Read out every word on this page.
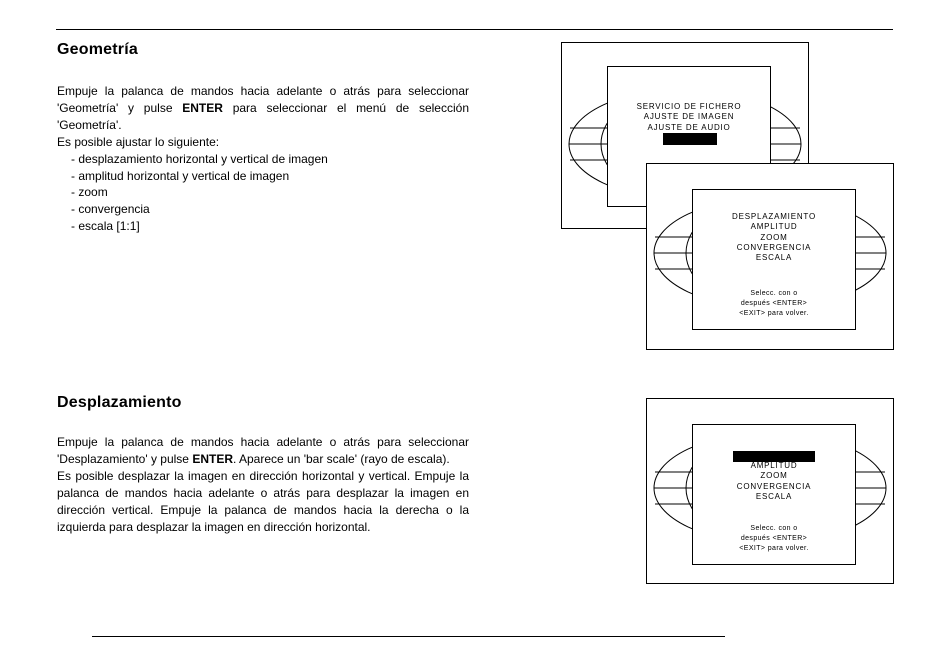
Geometría

Empuje la palanca de mandos hacia adelante o atrás para seleccionar 'Geometría' y pulse ENTER para seleccionar el menú de selección 'Geometría'.

Es posible ajustar lo siguiente:

- desplazamiento horizontal y vertical de imagen
- amplitud horizontal y vertical de imagen
- zoom
- convergencia
- escala [1:1]
SERVICIO DE FICHERO
AJUSTE DE IMAGEN
AJUSTE DE AUDIO
DESPLAZAMIENTO
AMPLITUD
ZOOM
CONVERGENCIA
ESCALA
Selecc. con o
después <ENTER>
<EXIT> para volver.
Desplazamiento

Empuje la palanca de mandos hacia adelante o atrás para seleccionar 'Desplazamiento' y pulse ENTER. Aparece un 'bar scale' (rayo de escala).

Es posible desplazar la imagen en dirección horizontal y vertical. Empuje la palanca de mandos hacia adelante o atrás para desplazar la imagen en dirección vertical. Empuje la palanca de mandos hacia la derecha o la izquierda para desplazar la imagen en dirección horizontal.

AMPLITUD
ZOOM
CONVERGENCIA
ESCALA
Selecc. con o
después <ENTER>
<EXIT> para volver.
